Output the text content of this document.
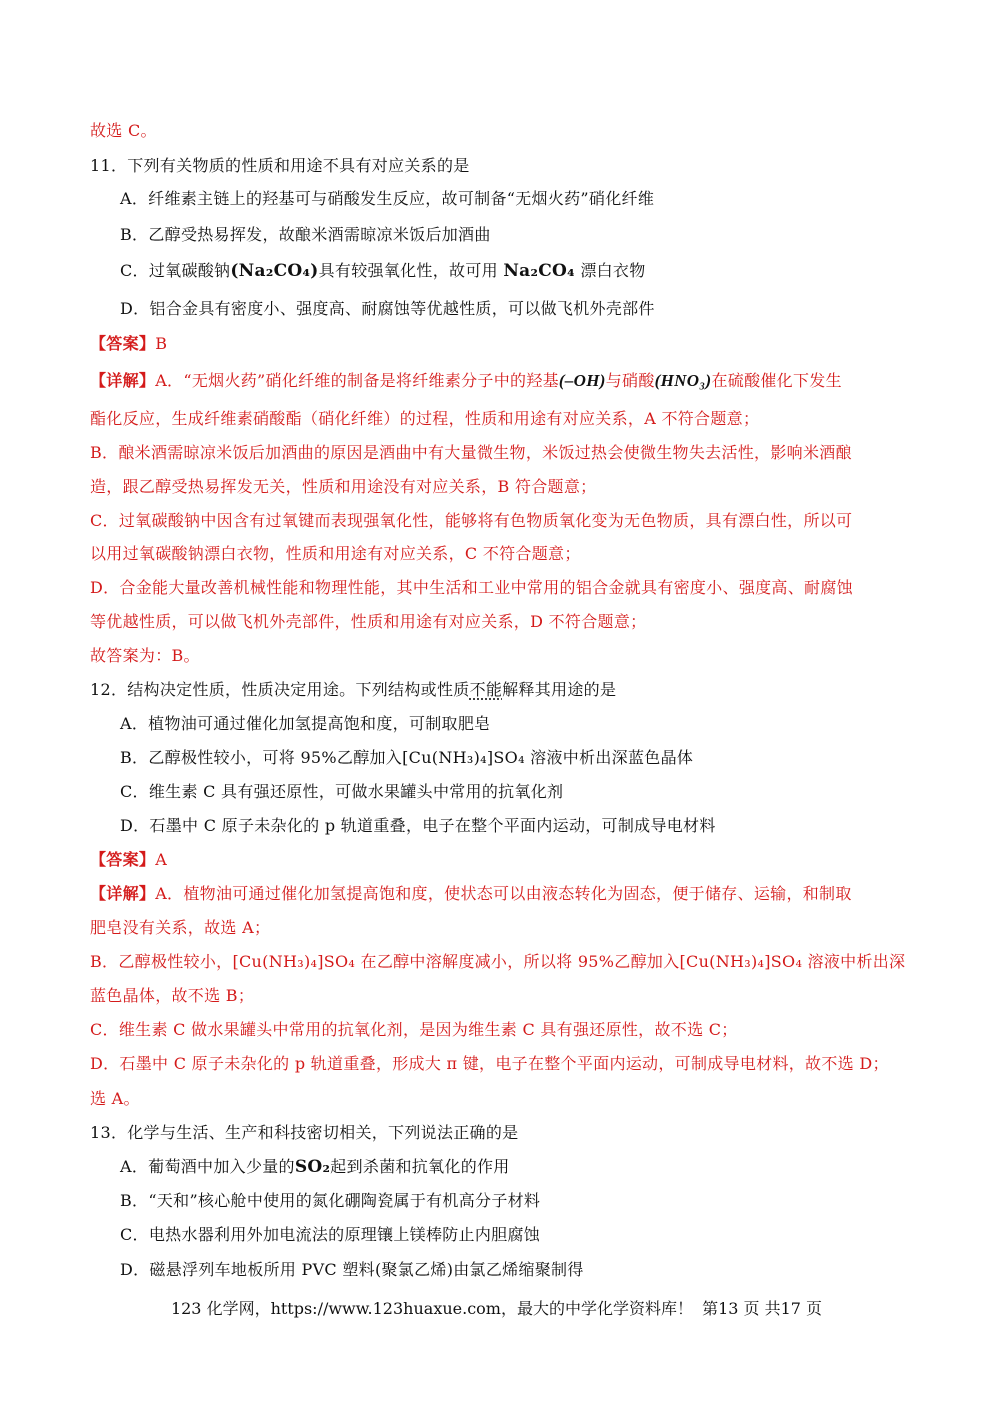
故选 C。
11．下列有关物质的性质和用途不具有对应关系的是
A．纤维素主链上的羟基可与硝酸发生反应，故可制备“无烟火药”硝化纤维
B．乙醇受热易挥发，故酿米酒需晾凉米饭后加酒曲
C．过氧碳酸钠(Na₂CO₄)具有较强氧化性，故可用 Na₂CO₄ 漂白衣物
D．铝合金具有密度小、强度高、耐腐蚀等优越性质，可以做飞机外壳部件
【答案】B
【详解】A．“无烟火药”硝化纤维的制备是将纤维素分子中的羟基(–OH)与硝酸(HNO₃)在硫酸催化下发生
酯化反应，生成纤维素硝酸酯（硝化纤维）的过程，性质和用途有对应关系，A 不符合题意；
B．酿米酒需晾凉米饭后加酒曲的原因是酒曲中有大量微生物，米饭过热会使微生物失去活性，影响米酒酿
造，跟乙醇受热易挥发无关，性质和用途没有对应关系，B 符合题意；
C．过氧碳酸钠中因含有过氧键而表现强氧化性，能够将有色物质氧化变为无色物质，具有漂白性，所以可
以用过氧碳酸钠漂白衣物，性质和用途有对应关系，C 不符合题意；
D．合金能大量改善机械性能和物理性能，其中生活和工业中常用的铝合金就具有密度小、强度高、耐腐蚀
等优越性质，可以做飞机外壳部件，性质和用途有对应关系，D 不符合题意；
故答案为：B。
12．结构决定性质，性质决定用途。下列结构或性质不能解释其用途的是
A．植物油可通过催化加氢提高饱和度，可制取肥皂
B．乙醇极性较小，可将 95%乙醇加入[Cu(NH₃)₄]SO₄ 溶液中析出深蓝色晶体
C．维生素 C 具有强还原性，可做水果罐头中常用的抗氧化剂
D．石墨中 C 原子未杂化的 p 轨道重叠，电子在整个平面内运动，可制成导电材料
【答案】A
【详解】A．植物油可通过催化加氢提高饱和度，使状态可以由液态转化为固态，便于储存、运输，和制取
肥皂没有关系，故选 A；
B．乙醇极性较小，[Cu(NH₃)₄]SO₄ 在乙醇中溶解度减小，所以将 95%乙醇加入[Cu(NH₃)₄]SO₄ 溶液中析出深
蓝色晶体，故不选 B；
C．维生素 C 做水果罐头中常用的抗氧化剂，是因为维生素 C 具有强还原性，故不选 C；
D．石墨中 C 原子未杂化的 p 轨道重叠，形成大 π 键，电子在整个平面内运动，可制成导电材料，故不选 D；
选 A。
13．化学与生活、生产和科技密切相关，下列说法正确的是
A．葡萄酒中加入少量的SO₂起到杀菌和抗氧化的作用
B．“天和”核心舱中使用的氮化硼陶瓷属于有机高分子材料
C．电热水器利用外加电流法的原理镶上镁棒防止内胆腐蚀
D．磁悬浮列车地板所用 PVC 塑料(聚氯乙烯)由氯乙烯缩聚制得
123 化学网，https://www.123huaxue.com，最大的中学化学资料库！ 第13 页 共17 页
